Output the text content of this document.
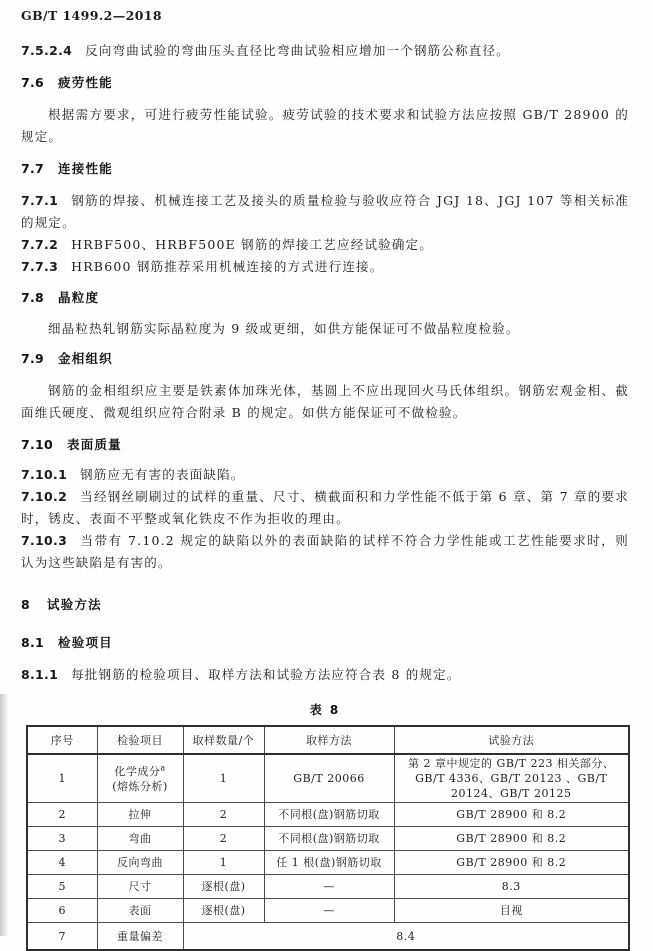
GB/T 1499.2—2018

7.5.2.4 反向弯曲试验的弯曲压头直径比弯曲试验相应增加一个钢筋公称直径。

7.6 疲劳性能

根据需方要求，可进行疲劳性能试验。疲劳试验的技术要求和试验方法应按照 GB/T 28900 的规定。

7.7 连接性能

7.7.1 钢筋的焊接、机械连接工艺及接头的质量检验与验收应符合 JGJ 18、JGJ 107 等相关标准的规定。

7.7.2 HRBF500、HRBF500E 钢筋的焊接工艺应经试验确定。

7.7.3 HRB600 钢筋推荐采用机械连接的方式进行连接。

7.8 晶粒度

细晶粒热轧钢筋实际晶粒度为 9 级或更细，如供方能保证可不做晶粒度检验。

7.9 金相组织

钢筋的金相组织应主要是铁素体加珠光体，基圆上不应出现回火马氏体组织。钢筋宏观金相、截面维氏硬度、微观组织应符合附录 B 的规定。如供方能保证可不做检验。

7.10 表面质量

7.10.1 钢筋应无有害的表面缺陷。

7.10.2 当经钢丝刷刷过的试样的重量、尺寸、横截面积和力学性能不低于第 6 章、第 7 章的要求时，锈皮、表面不平整或氧化铁皮不作为拒收的理由。

7.10.3 当带有 7.10.2 规定的缺陷以外的表面缺陷的试样不符合力学性能或工艺性能要求时，则认为这些缺陷是有害的。

8 试验方法
8.1 检验项目

8.1.1 每批钢筋的检验项目、取样方法和试验方法应符合表 8 的规定。

表 8
序号	检验项目	取样数量/个	取样方法	试验方法
1	化学成分$^a$
(熔炼分析)	1	GB/T 20066	第 2 章中规定的 GB/T 223 相关部分、GB/T 4336、GB/T 20123 、GB/T 20124、GB/T 20125
2	拉伸	2	不同根(盘)钢筋切取	GB/T 28900 和 8.2
3	弯曲	2	不同根(盘)钢筋切取	GB/T 28900 和 8.2
4	反向弯曲	1	任 1 根(盘)钢筋切取	GB/T 28900 和 8.2
5	尺寸	逐根(盘)	—	8.3
6	表面	逐根(盘)	—	目视
7	重量偏差	8.4		
